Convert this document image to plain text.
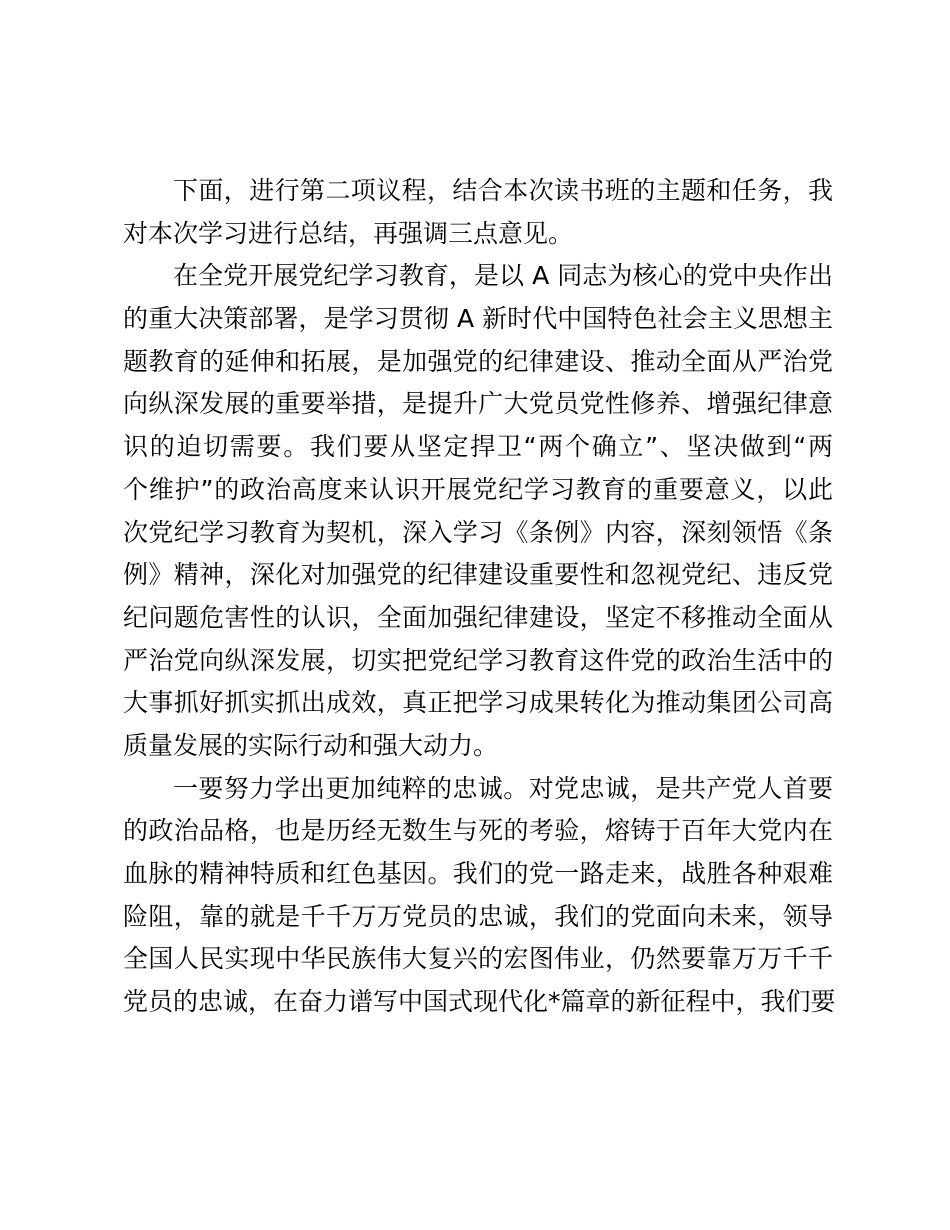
下面，进行第二项议程，结合本次读书班的主题和任务，我
对本次学习进行总结，再强调三点意见。
在全党开展党纪学习教育，是以 A 同志为核心的党中央作出
的重大决策部署，是学习贯彻 A 新时代中国特色社会主义思想主
题教育的延伸和拓展，是加强党的纪律建设、推动全面从严治党
向纵深发展的重要举措，是提升广大党员党性修养、增强纪律意
识的迫切需要。我们要从坚定捍卫“两个确立”、坚决做到“两
个维护”的政治高度来认识开展党纪学习教育的重要意义，以此
次党纪学习教育为契机，深入学习《条例》内容，深刻领悟《条
例》精神，深化对加强党的纪律建设重要性和忽视党纪、违反党
纪问题危害性的认识，全面加强纪律建设，坚定不移推动全面从
严治党向纵深发展，切实把党纪学习教育这件党的政治生活中的
大事抓好抓实抓出成效，真正把学习成果转化为推动集团公司高
质量发展的实际行动和强大动力。
一要努力学出更加纯粹的忠诚。对党忠诚，是共产党人首要
的政治品格，也是历经无数生与死的考验，熔铸于百年大党内在
血脉的精神特质和红色基因。我们的党一路走来，战胜各种艰难
险阻，靠的就是千千万万党员的忠诚，我们的党面向未来，领导
全国人民实现中华民族伟大复兴的宏图伟业，仍然要靠万万千千
党员的忠诚，在奋力谱写中国式现代化*篇章的新征程中，我们要
